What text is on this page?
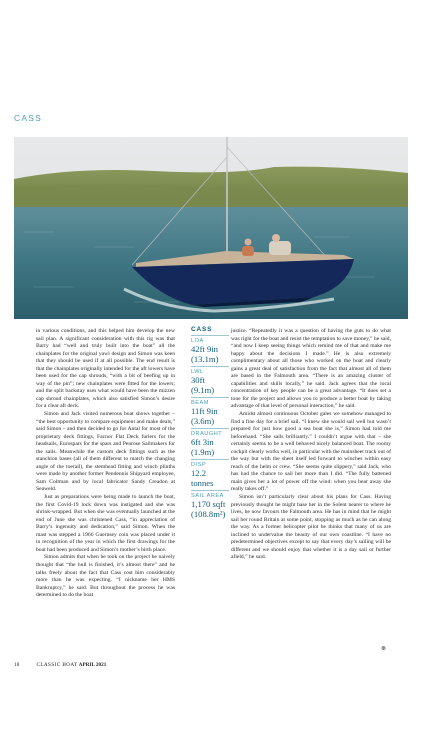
CASS

in various conditions, and this helped him develop the new sail plan. A significant consideration with this rig was that Barry had “well and truly built into the boat” all the chainplates for the original yawl design and Simon was keen that they should be used if at all possible. The end result is that the chainplates originally intended for the aft lowers have been used for the cap shrouds, “with a bit of beefing up in way of the pin”; new chainplates were fitted for the lowers; and the split backstay uses what would have been the mizzen cap shroud chainplates, which also satisfied Simon’s desire for a clear aft deck.

Simon and Jack visited numerous boat shows together – “the best opportunity to compare equipment and make deals,” said Simon – and then decided to go for Antal for most of the proprietary deck fittings, Facnor Flat Deck furlers for the headsails, Eurospars for the spars and Penrose Sailmakers for the sails. Meanwhile the custom deck fittings such as the stanchion bases (all of them different to match the changing angle of the toerail), the stemhead fitting and winch plinths were made by another former Pendennis Shipyard employee, Sam Coltman and by local fabricator Sandy Creadon at Seaweld.

Just as preparations were being made to launch the boat, the first Covid-19 lock down was instigated and she was shrink-wrapped. But when she was eventually launched at the end of June she was christened Cass, “in appreciation of Barry’s ingenuity and dedication,” said Simon. When the mast was stepped a 1966 Guernsey coin was placed under it in recognition of the year in which the first drawings for the boat had been produced and Simon’s mother’s birth place.

Simon admits that when he took on the project he naively thought that “the hull is finished, it’s almost there” and he talks freely about the fact that Cass cost him considerably more than he was expecting. “I nickname her HMS Bankruptcy,” he said. But throughout the process he was determined to do the boat

CASS
LOA
42ft 9in
(13.1m)
LWL
30ft (9.1m)
BEAM
11ft 9in
(3.6m)
DRAUGHT
6ft 3in
(1.9m)
DISP
12.2 tonnes
SAIL AREA
1,170 sqft
(108.8m²)

justice. “Repeatedly it was a question of having the guts to do what was right for the boat and resist the temptation to save money,” he said, “and now I keep seeing things which remind me of that and make me happy about the decisions I made.” He is also extremely complimentary about all those who worked on the boat and clearly gains a great deal of satisfaction from the fact that almost all of them are based in the Falmouth area. “There is an amazing cluster of capabilities and skills locally,” he said. Jack agrees that the local concentration of key people can be a great advantage. “It does set a tone for the project and allows you to produce a better boat by taking advantage of that level of personal interaction,” he said.

Amidst almost continuous October gales we somehow managed to find a fine day for a brief sail. “I knew she would sail well but wasn’t prepared for just how good a sea boat she is,” Simon had told me beforehand. “She sails brilliantly.” I couldn’t argue with that – she certainly seems to be a well behaved nicely balanced boat. The roomy cockpit clearly works well, in particular with the mainsheet track out of the way but with the sheet itself led forward to winches within easy reach of the helm or crew. “She seems quite slippery,” said Jack, who has had the chance to sail her more than I did. “The fully battened main gives her a lot of power off the wind: when you bear away she really takes off.”

Simon isn’t particularly clear about his plans for Cass. Having previously thought he might base her in the Solent nearer to where he lives, he now favours the Falmouth area. He has in mind that he might sail her round Britain at some point, stopping as much as he can along the way. As a former helicopter pilot he thinks that many of us are inclined to undervalue the beauty of our own coastline. “I have no predetermined objectives except to say that every day’s sailing will be different and we should enjoy that whether it is a day sail or further afield,” he said.

⊛
18	CLASSIC BOAT APRIL 2021
